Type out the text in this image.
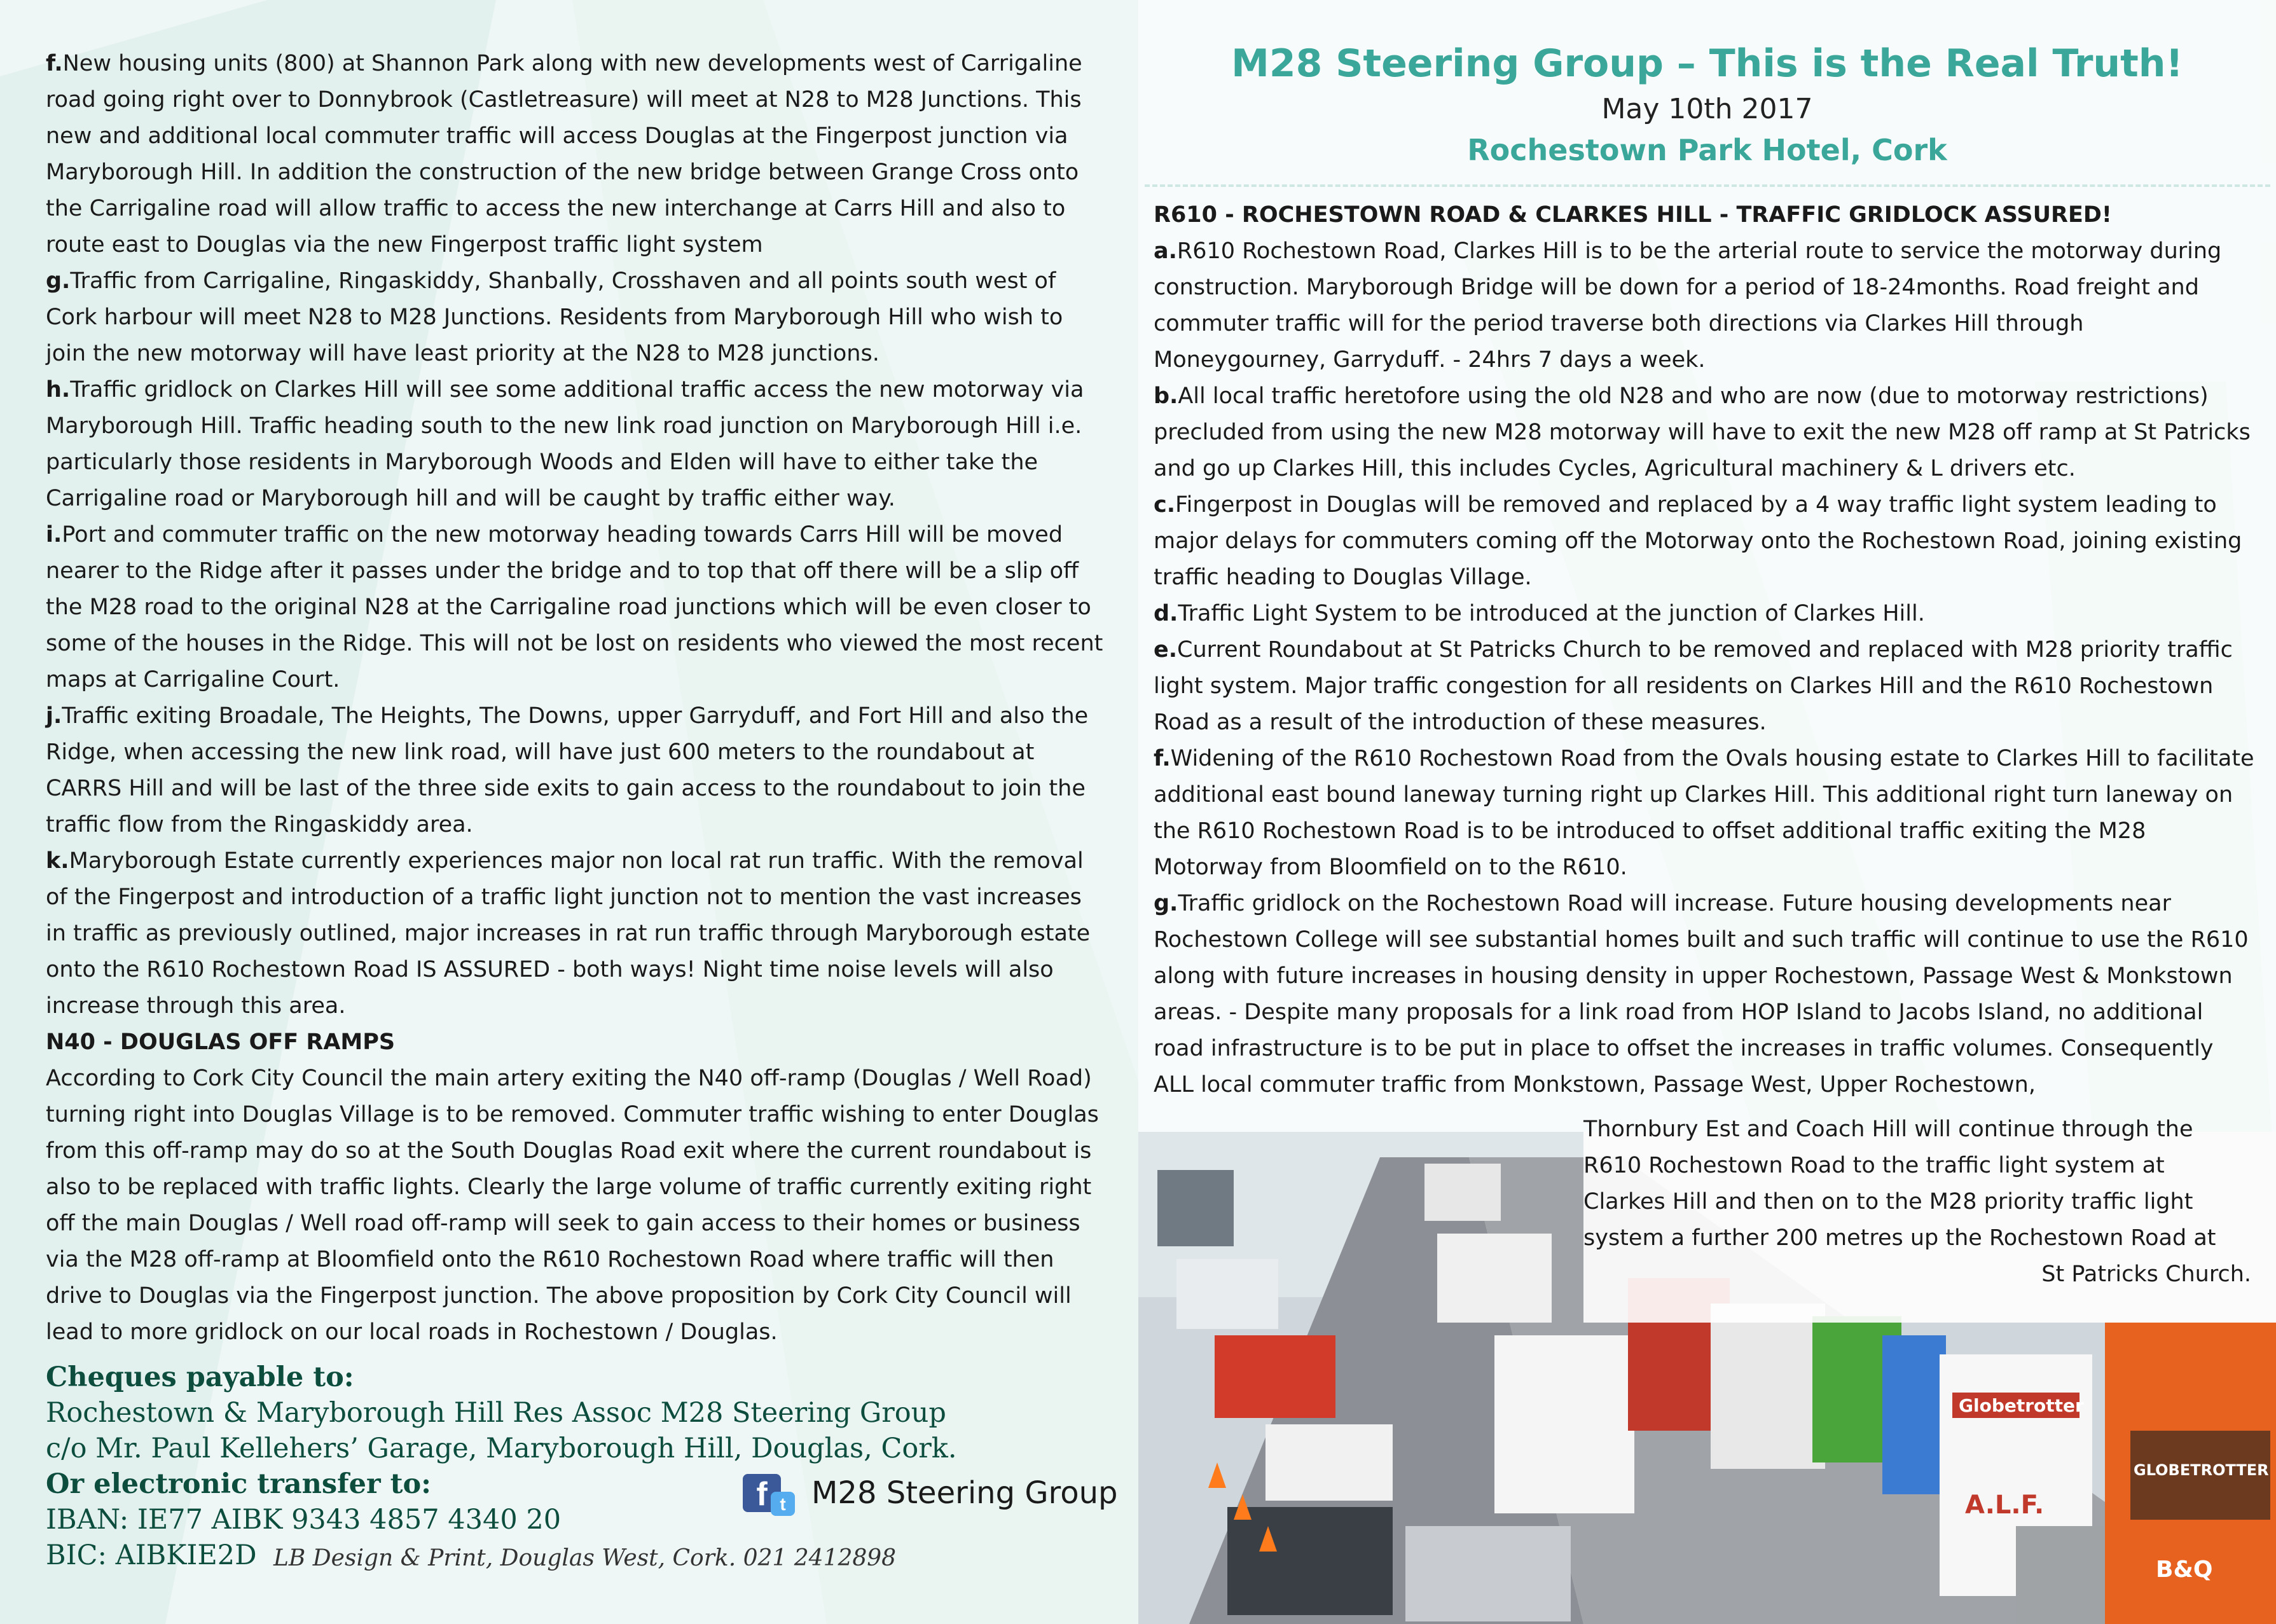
f.New housing units (800) at Shannon Park along with new developments west of Carrigaline road going right over to Donnybrook (Castletreasure) will meet at N28 to M28 Junctions. This new and additional local commuter traffic will access Douglas at the Fingerpost junction via Maryborough Hill. In addition the construction of the new bridge between Grange Cross onto the Carrigaline road will allow traffic to access the new interchange at Carrs Hill and also to route east to Douglas via the new Fingerpost traffic light system

g.Traffic from Carrigaline, Ringaskiddy, Shanbally, Crosshaven and all points south west of Cork harbour will meet N28 to M28 Junctions. Residents from Maryborough Hill who wish to join the new motorway will have least priority at the N28 to M28 junctions.

h.Traffic gridlock on Clarkes Hill will see some additional traffic access the new motorway via Maryborough Hill. Traffic heading south to the new link road junction on Maryborough Hill i.e. particularly those residents in Maryborough Woods and Elden will have to either take the Carrigaline road or Maryborough hill and will be caught by traffic either way.

i.Port and commuter traffic on the new motorway heading towards Carrs Hill will be moved nearer to the Ridge after it passes under the bridge and to top that off there will be a slip off the M28 road to the original N28 at the Carrigaline road junctions which will be even closer to some of the houses in the Ridge. This will not be lost on residents who viewed the most recent maps at Carrigaline Court.

j.Traffic exiting Broadale, The Heights, The Downs, upper Garryduff, and Fort Hill and also the Ridge, when accessing the new link road, will have just 600 meters to the roundabout at CARRS Hill and will be last of the three side exits to gain access to the roundabout to join the traffic flow from the Ringaskiddy area.

k.Maryborough Estate currently experiences major non local rat run traffic. With the removal of the Fingerpost and introduction of a traffic light junction not to mention the vast increases in traffic as previously outlined, major increases in rat run traffic through Maryborough estate onto the R610 Rochestown Road IS ASSURED - both ways! Night time noise levels will also increase through this area.

N40 - DOUGLAS OFF RAMPS

According to Cork City Council the main artery exiting the N40 off-ramp (Douglas / Well Road) turning right into Douglas Village is to be removed. Commuter traffic wishing to enter Douglas from this off-ramp may do so at the South Douglas Road exit where the current roundabout is also to be replaced with traffic lights. Clearly the large volume of traffic currently exiting right off the main Douglas / Well road off-ramp will seek to gain access to their homes or business via the M28 off-ramp at Bloomfield onto the R610 Rochestown Road where traffic will then drive to Douglas via the Fingerpost junction. The above proposition by Cork City Council will lead to more gridlock on our local roads in Rochestown / Douglas.

Cheques payable to:
Rochestown & Maryborough Hill Res Assoc M28 Steering Group
c/o Mr. Paul Kellehers’ Garage, Maryborough Hill, Douglas, Cork.
Or electronic transfer to:
IBAN: IE77 AIBK 9343 4857 4340 20
BIC: AIBKIE2D
f t M28 Steering Group
LB Design & Print, Douglas West, Cork. 021 2412898

M28 Steering Group – This is the Real Truth!

May 10th 2017

Rochestown Park Hotel, Cork

R610 - ROCHESTOWN ROAD & CLARKES HILL - TRAFFIC GRIDLOCK ASSURED!

a.R610 Rochestown Road, Clarkes Hill is to be the arterial route to service the motorway during construction. Maryborough Bridge will be down for a period of 18-24months. Road freight and commuter traffic will for the period traverse both directions via Clarkes Hill through Moneygourney, Garryduff. - 24hrs 7 days a week.

b.All local traffic heretofore using the old N28 and who are now (due to motorway restrictions) precluded from using the new M28 motorway will have to exit the new M28 off ramp at St Patricks and go up Clarkes Hill, this includes Cycles, Agricultural machinery & L drivers etc.

c.Fingerpost in Douglas will be removed and replaced by a 4 way traffic light system leading to major delays for commuters coming off the Motorway onto the Rochestown Road, joining existing traffic heading to Douglas Village.

d.Traffic Light System to be introduced at the junction of Clarkes Hill.

e.Current Roundabout at St Patricks Church to be removed and replaced with M28 priority traffic light system. Major traffic congestion for all residents on Clarkes Hill and the R610 Rochestown Road as a result of the introduction of these measures.

f.Widening of the R610 Rochestown Road from the Ovals housing estate to Clarkes Hill to facilitate additional east bound laneway turning right up Clarkes Hill. This additional right turn laneway on the R610 Rochestown Road is to be introduced to offset additional traffic exiting the M28 Motorway from Bloomfield on to the R610.

g.Traffic gridlock on the Rochestown Road will increase. Future housing developments near Rochestown College will see substantial homes built and such traffic will continue to use the R610 along with future increases in housing density in upper Rochestown, Passage West & Monkstown areas. - Despite many proposals for a link road from HOP Island to Jacobs Island, no additional road infrastructure is to be put in place to offset the increases in traffic volumes. Consequently ALL local commuter traffic from Monkstown, Passage West, Upper Rochestown,

Globetrotter
A.L.F.
GLOBETROTTER
B&Q

Thornbury Est and Coach Hill will continue through the R610 Rochestown Road to the traffic light system at Clarkes Hill and then on to the M28 priority traffic light system a further 200 metres up the Rochestown Road at

St Patricks Church.
